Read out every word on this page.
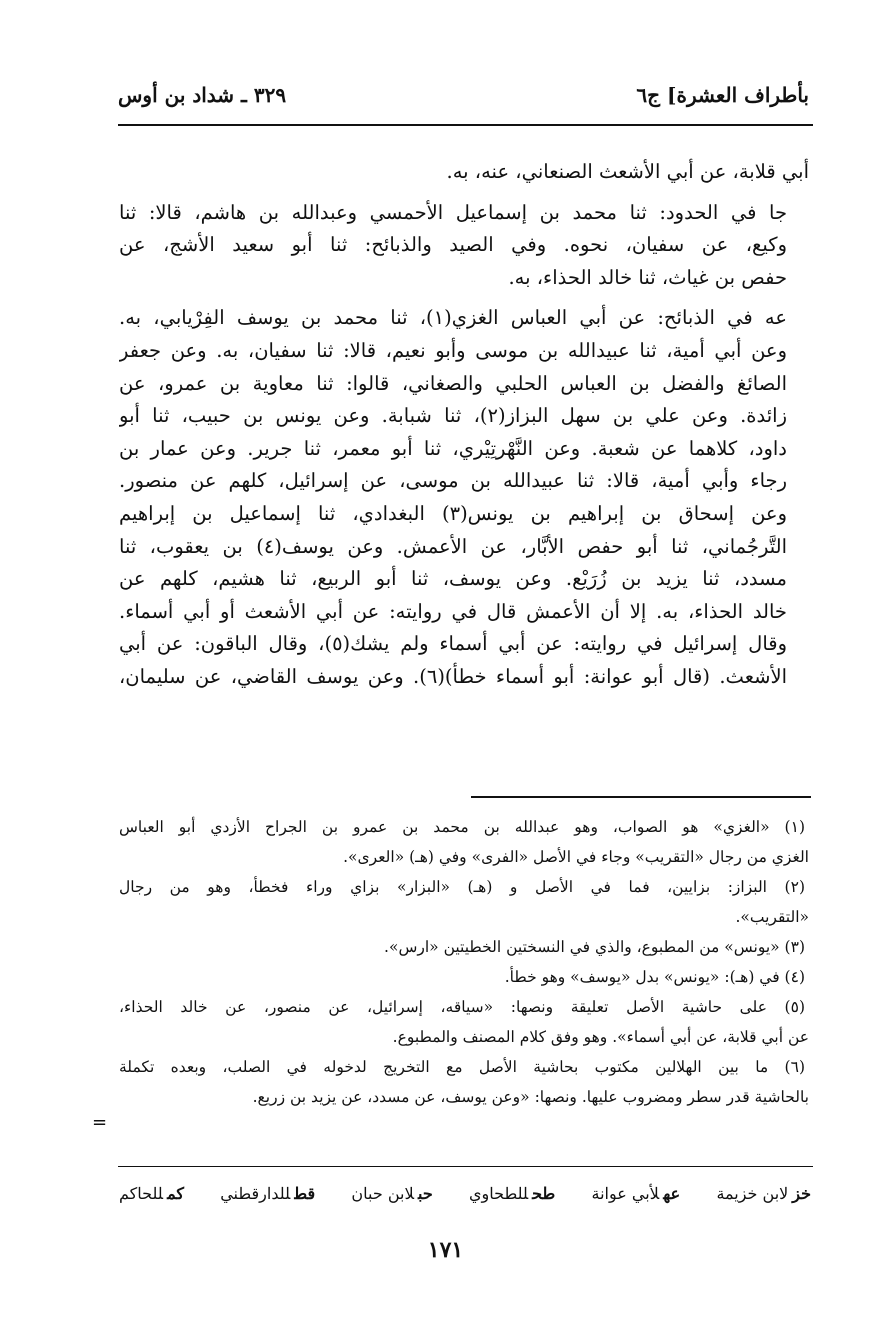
بأطراف العشرة] ج٦
٣٢٩ ـ شداد بن أوس

أبي قلابة، عن أبي الأشعث الصنعاني، عنه، به.

جا في الحدود: ثنا محمد بن إسماعيل الأحمسي وعبدالله بن هاشم، قالا: ثنا
وكيع، عن سفيان، نحوه. وفي الصيد والذبائح: ثنا أبو سعيد الأشج، عن
حفص بن غياث، ثنا خالد الحذاء، به.

عه في الذبائح: عن أبي العباس الغزي(١)، ثنا محمد بن يوسف الفِرْيابي، به.
وعن أبي أمية، ثنا عبيدالله بن موسى وأبو نعيم، قالا: ثنا سفيان، به. وعن جعفر
الصائغ والفضل بن العباس الحلبي والصغاني، قالوا: ثنا معاوية بن عمرو، عن
زائدة. وعن علي بن سهل البزاز(٢)، ثنا شبابة. وعن يونس بن حبيب، ثنا أبو
داود، كلاهما عن شعبة. وعن النَّهْرتِيْري، ثنا أبو معمر، ثنا جرير. وعن عمار بن
رجاء وأبي أمية، قالا: ثنا عبيدالله بن موسى، عن إسرائيل، كلهم عن منصور.
وعن إسحاق بن إبراهيم بن يونس(٣) البغدادي، ثنا إسماعيل بن إبراهيم
التَّرجُماني، ثنا أبو حفص الأبَّار، عن الأعمش. وعن يوسف(٤) بن يعقوب، ثنا
مسدد، ثنا يزيد بن زُرَيْع. وعن يوسف، ثنا أبو الربيع، ثنا هشيم، كلهم عن
خالد الحذاء، به. إلا أن الأعمش قال في روايته: عن أبي الأشعث أو أبي أسماء.
وقال إسرائيل في روايته: عن أبي أسماء ولم يشك(٥)، وقال الباقون: عن أبي
الأشعث. (قال أبو عوانة: أبو أسماء خطأ)(٦). وعن يوسف القاضي، عن سليمان،

(١) «الغزي» هو الصواب، وهو عبدالله بن محمد بن عمرو بن الجراح الأزدي أبو العباس
الغزي من رجال «التقريب» وجاء في الأصل «الفرى» وفي (هـ) «العرى».
(٢) البزاز: بزايين، فما في الأصل و (هـ) «البزار» بزاي وراء فخطأ، وهو من رجال
«التقريب».
(٣) «يونس» من المطبوع، والذي في النسختين الخطيتين «ارس».
(٤) في (هـ): «يونس» بدل «يوسف» وهو خطأ.
(٥) على حاشية الأصل تعليقة ونصها: «سياقه، إسرائيل، عن منصور، عن خالد الحذاء،
عن أبي قلابة، عن أبي أسماء». وهو وفق كلام المصنف والمطبوع.
(٦) ما بين الهلالين مكتوب بحاشية الأصل مع التخريج لدخوله في الصلب، وبعده تكملة
بالحاشية قدر سطر ومضروب عليها. ونصها: «وعن يوسف، عن مسدد، عن يزيد بن زريع.
=
خزلابن خزيمة
عهلأبي عوانة
طحللطحاوي
حبلابن حبان
قطللدارقطني
كمللحاكم
١٧١
